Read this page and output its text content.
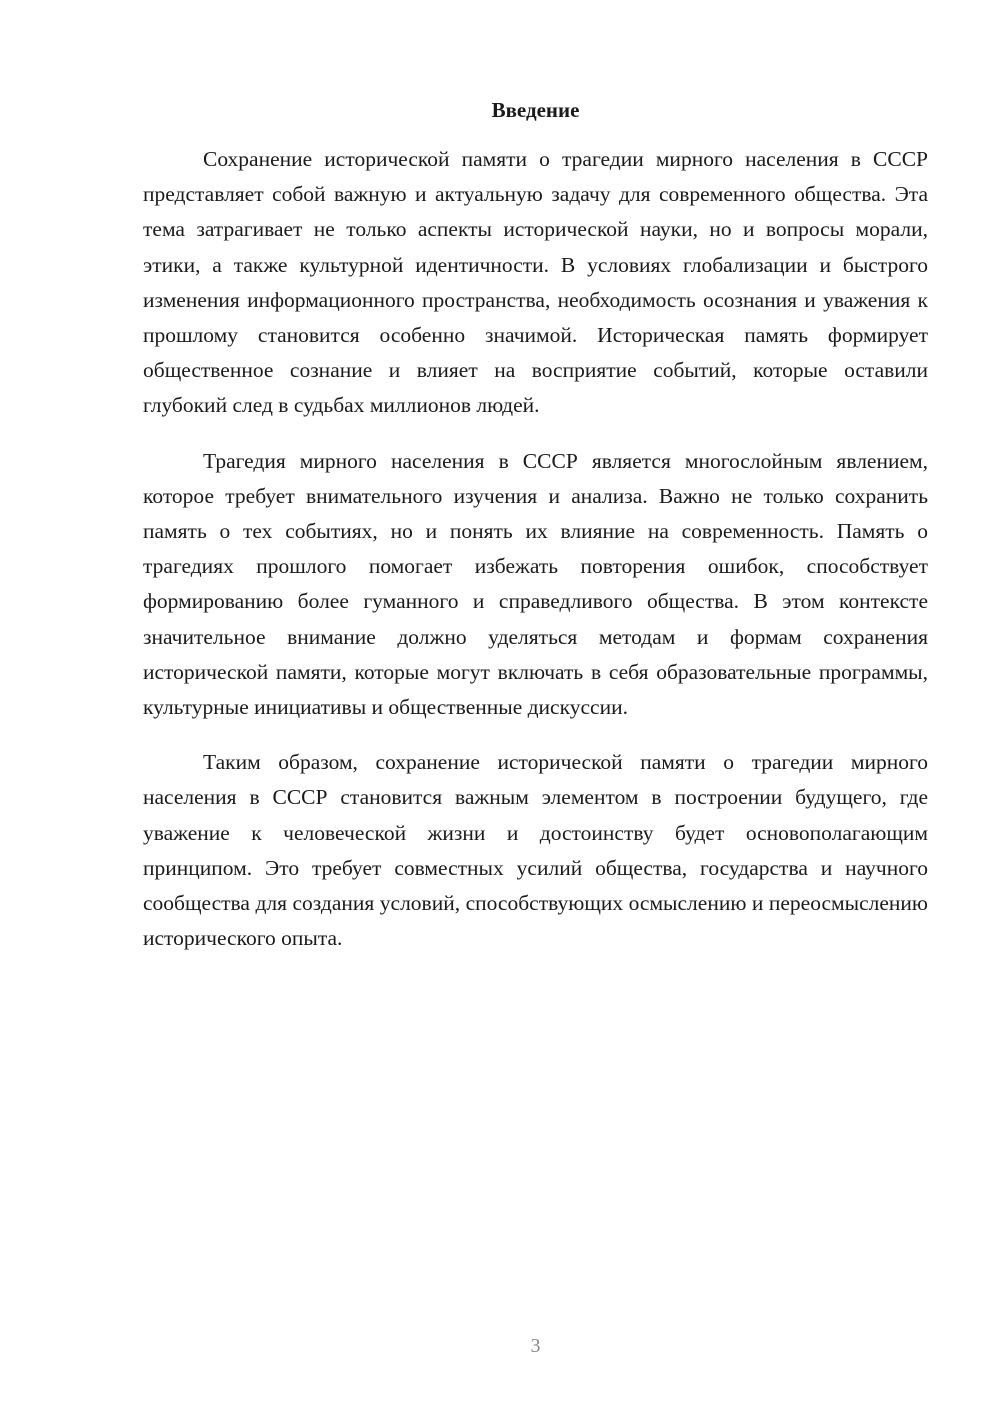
Введение

Сохранение исторической памяти о трагедии мирного населения в СССР представляет собой важную и актуальную задачу для современного общества. Эта тема затрагивает не только аспекты исторической науки, но и вопросы морали, этики, а также культурной идентичности. В условиях глобализации и быстрого изменения информационного пространства, необходимость осознания и уважения к прошлому становится особенно значимой. Историческая память формирует общественное сознание и влияет на восприятие событий, которые оставили глубокий след в судьбах миллионов людей.

Трагедия мирного населения в СССР является многослойным явлением, которое требует внимательного изучения и анализа. Важно не только сохранить память о тех событиях, но и понять их влияние на современность. Память о трагедиях прошлого помогает избежать повторения ошибок, способствует формированию более гуманного и справедливого общества. В этом контексте значительное внимание должно уделяться методам и формам сохранения исторической памяти, которые могут включать в себя образовательные программы, культурные инициативы и общественные дискуссии.

Таким образом, сохранение исторической памяти о трагедии мирного населения в СССР становится важным элементом в построении будущего, где уважение к человеческой жизни и достоинству будет основополагающим принципом. Это требует совместных усилий общества, государства и научного сообщества для создания условий, способствующих осмыслению и переосмыслению исторического опыта.

3
